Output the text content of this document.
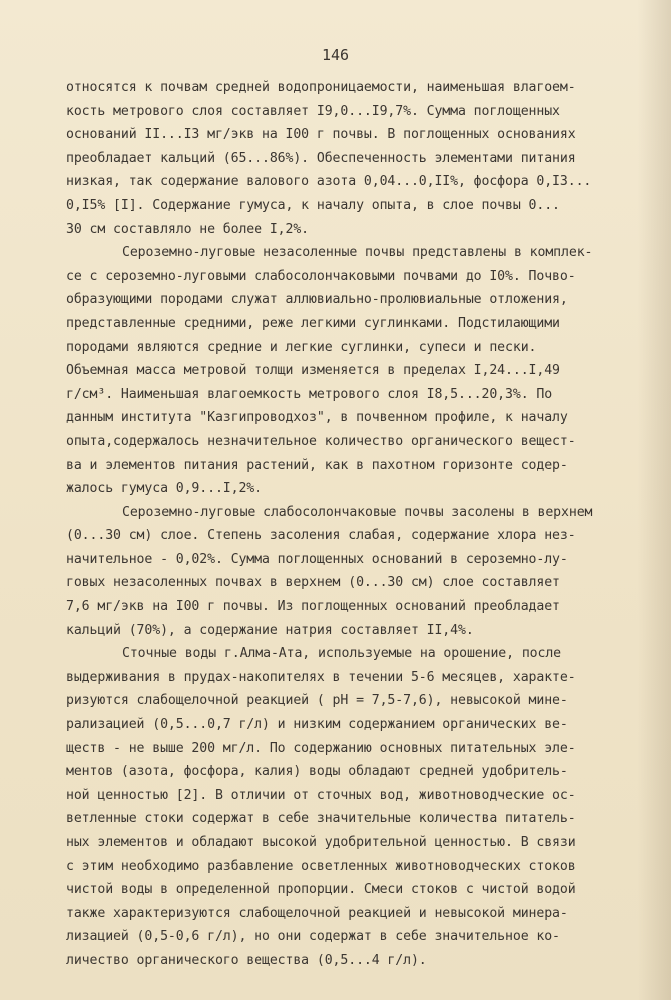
146
относятся к почвам средней водопроницаемости, наименьшая влагоем-
кость метрового слоя составляет I9,0...I9,7%. Сумма поглощенных
оснований II...I3 мг/экв на I00 г почвы. В поглощенных основаниях
преобладает кальций (65...86%). Обеспеченность элементами питания
низкая, так содержание валового азота 0,04...0,II%, фосфора 0,I3...
0,I5% [I]. Содержание гумуса, к началу опыта, в слое почвы 0...
30 см составляло не более I,2%.
Сероземно-луговые незасоленные почвы представлены в комплек-
се с сероземно-луговыми слабосолончаковыми почвами до I0%. Почво-
образующими породами служат аллювиально-пролювиальные отложения,
представленные средними, реже легкими суглинками. Подстилающими
породами являются средние и легкие суглинки, супеси и пески.
Объемная масса метровой толщи изменяется в пределах I,24...I,49
г/см³. Наименьшая влагоемкость метрового слоя I8,5...20,3%. По
данным института "Казгипроводхоз", в почвенном профиле, к началу
опыта,содержалось незначительное количество органического вещест-
ва и элементов питания растений, как в пахотном горизонте содер-
жалось гумуса 0,9...I,2%.
Сероземно-луговые слабосолончаковые почвы засолены в верхнем
(0...30 см) слое. Степень засоления слабая, содержание хлора нез-
начительное - 0,02%. Сумма поглощенных оснований в сероземно-лу-
говых незасоленных почвах в верхнем (0...30 см) слое составляет
7,6 мг/экв на I00 г почвы. Из поглощенных оснований преобладает
кальций (70%), а содержание натрия составляет II,4%.
Сточные воды г.Алма-Ата, используемые на орошение, после
выдерживания в прудах-накопителях в течении 5-6 месяцев, характе-
ризуются слабощелочной реакцией ( pH = 7,5-7,6), невысокой мине-
рализацией (0,5...0,7 г/л) и низким содержанием органических ве-
ществ - не выше 200 мг/л. По содержанию основных питательных эле-
ментов (азота, фосфора, калия) воды обладают средней удобритель-
ной ценностью [2]. В отличии от сточных вод, животноводческие ос-
ветленные стоки содержат в себе значительные количества питатель-
ных элементов и обладают высокой удобрительной ценностью. В связи
с этим необходимо разбавление осветленных животноводческих стоков
чистой воды в определенной пропорции. Смеси стоков с чистой водой
также характеризуются слабощелочной реакцией и невысокой минера-
лизацией (0,5-0,6 г/л), но они содержат в себе значительное ко-
личество органического вещества (0,5...4 г/л).
